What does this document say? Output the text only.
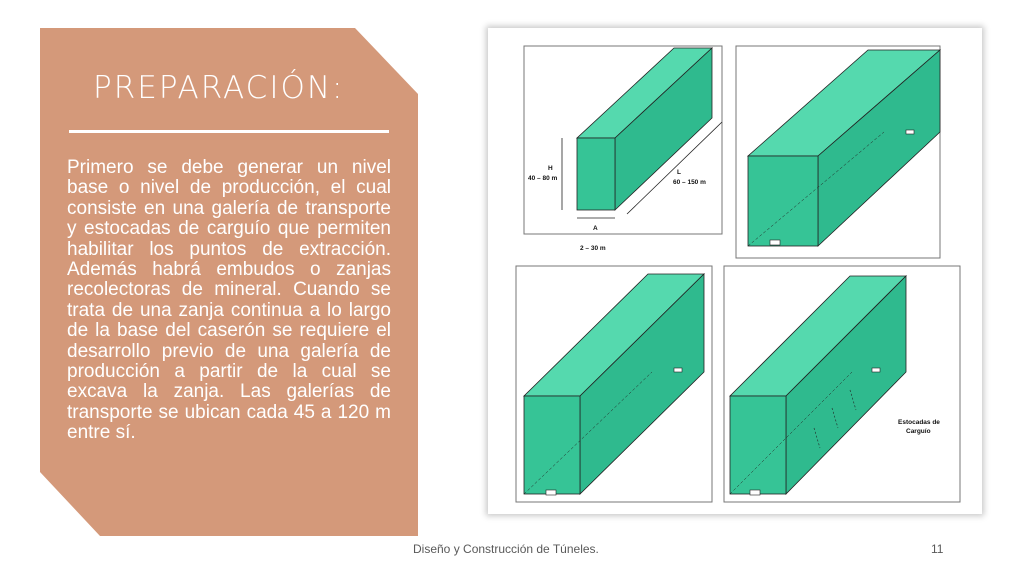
PREPARACIÓN:
Primero se debe generar un nivel base o nivel de producción, el cual consiste en una galería de transporte y estocadas de carguío que permiten habilitar los puntos de extracción. Además habrá embudos o zanjas recolectoras de mineral. Cuando se trata de una zanja continua a lo largo de la base del caserón se requiere el desarrollo previo de una galería de producción a partir de la cual se excava la zanja. Las galerías de transporte se ubican cada 45 a 120 m entre sí.
H
40 – 80 m
L
60 – 150 m
A
2 – 30 m
Estocadas de
Carguío
Diseño y Construcción de Túneles.	11
